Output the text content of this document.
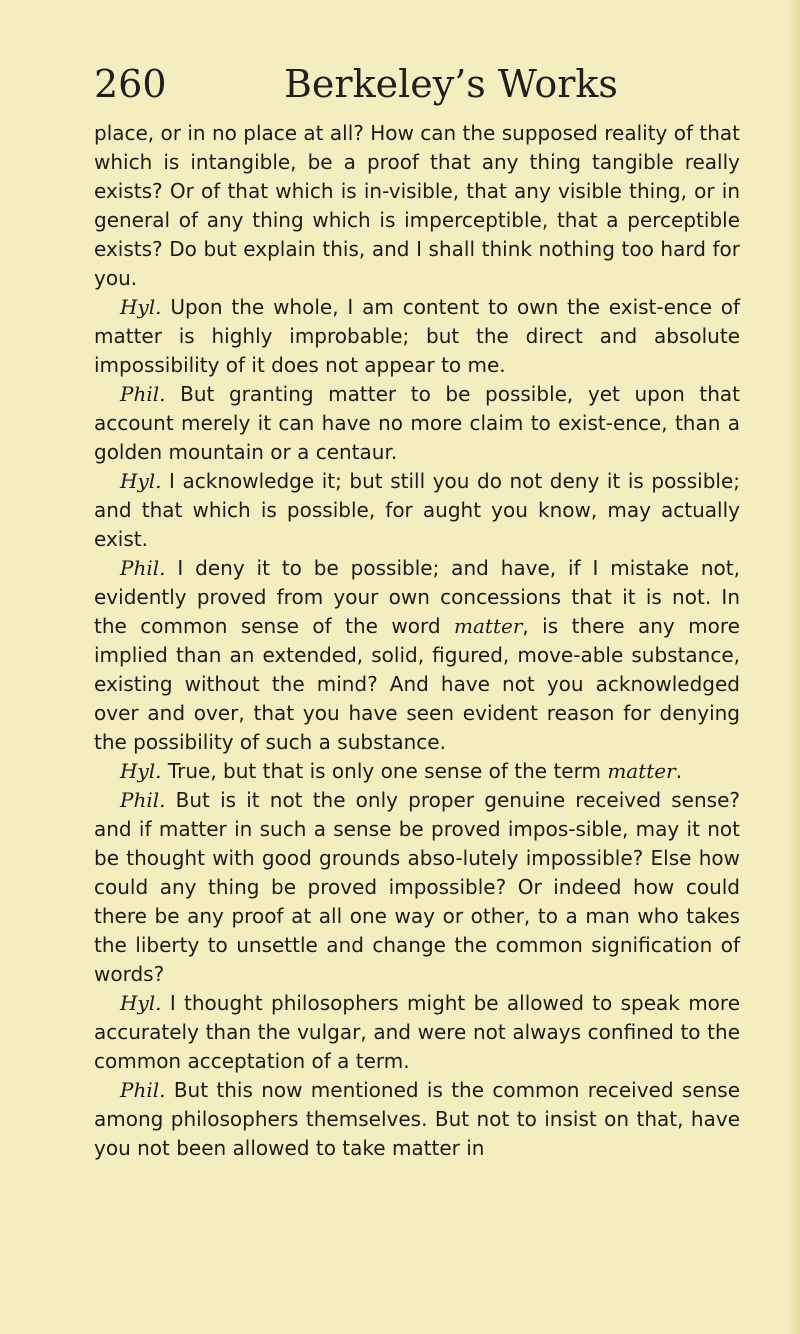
260	Berkeley’s Works

place, or in no place at all? How can the supposed reality of that which is intangible, be a proof that any thing tangible really exists? Or of that which is in-visible, that any visible thing, or in general of any thing which is imperceptible, that a perceptible exists? Do but explain this, and I shall think nothing too hard for you.

Hyl. Upon the whole, I am content to own the exist-ence of matter is highly improbable; but the direct and absolute impossibility of it does not appear to me.

Phil. But granting matter to be possible, yet upon that account merely it can have no more claim to exist-ence, than a golden mountain or a centaur.

Hyl. I acknowledge it; but still you do not deny it is possible; and that which is possible, for aught you know, may actually exist.

Phil. I deny it to be possible; and have, if I mistake not, evidently proved from your own concessions that it is not. In the common sense of the word matter, is there any more implied than an extended, solid, figured, move-able substance, existing without the mind? And have not you acknowledged over and over, that you have seen evident reason for denying the possibility of such a substance.

Hyl. True, but that is only one sense of the term matter.

Phil. But is it not the only proper genuine received sense? and if matter in such a sense be proved impos-sible, may it not be thought with good grounds abso-lutely impossible? Else how could any thing be proved impossible? Or indeed how could there be any proof at all one way or other, to a man who takes the liberty to unsettle and change the common signification of words?

Hyl. I thought philosophers might be allowed to speak more accurately than the vulgar, and were not always confined to the common acceptation of a term.

Phil. But this now mentioned is the common received sense among philosophers themselves. But not to insist on that, have you not been allowed to take matter in
